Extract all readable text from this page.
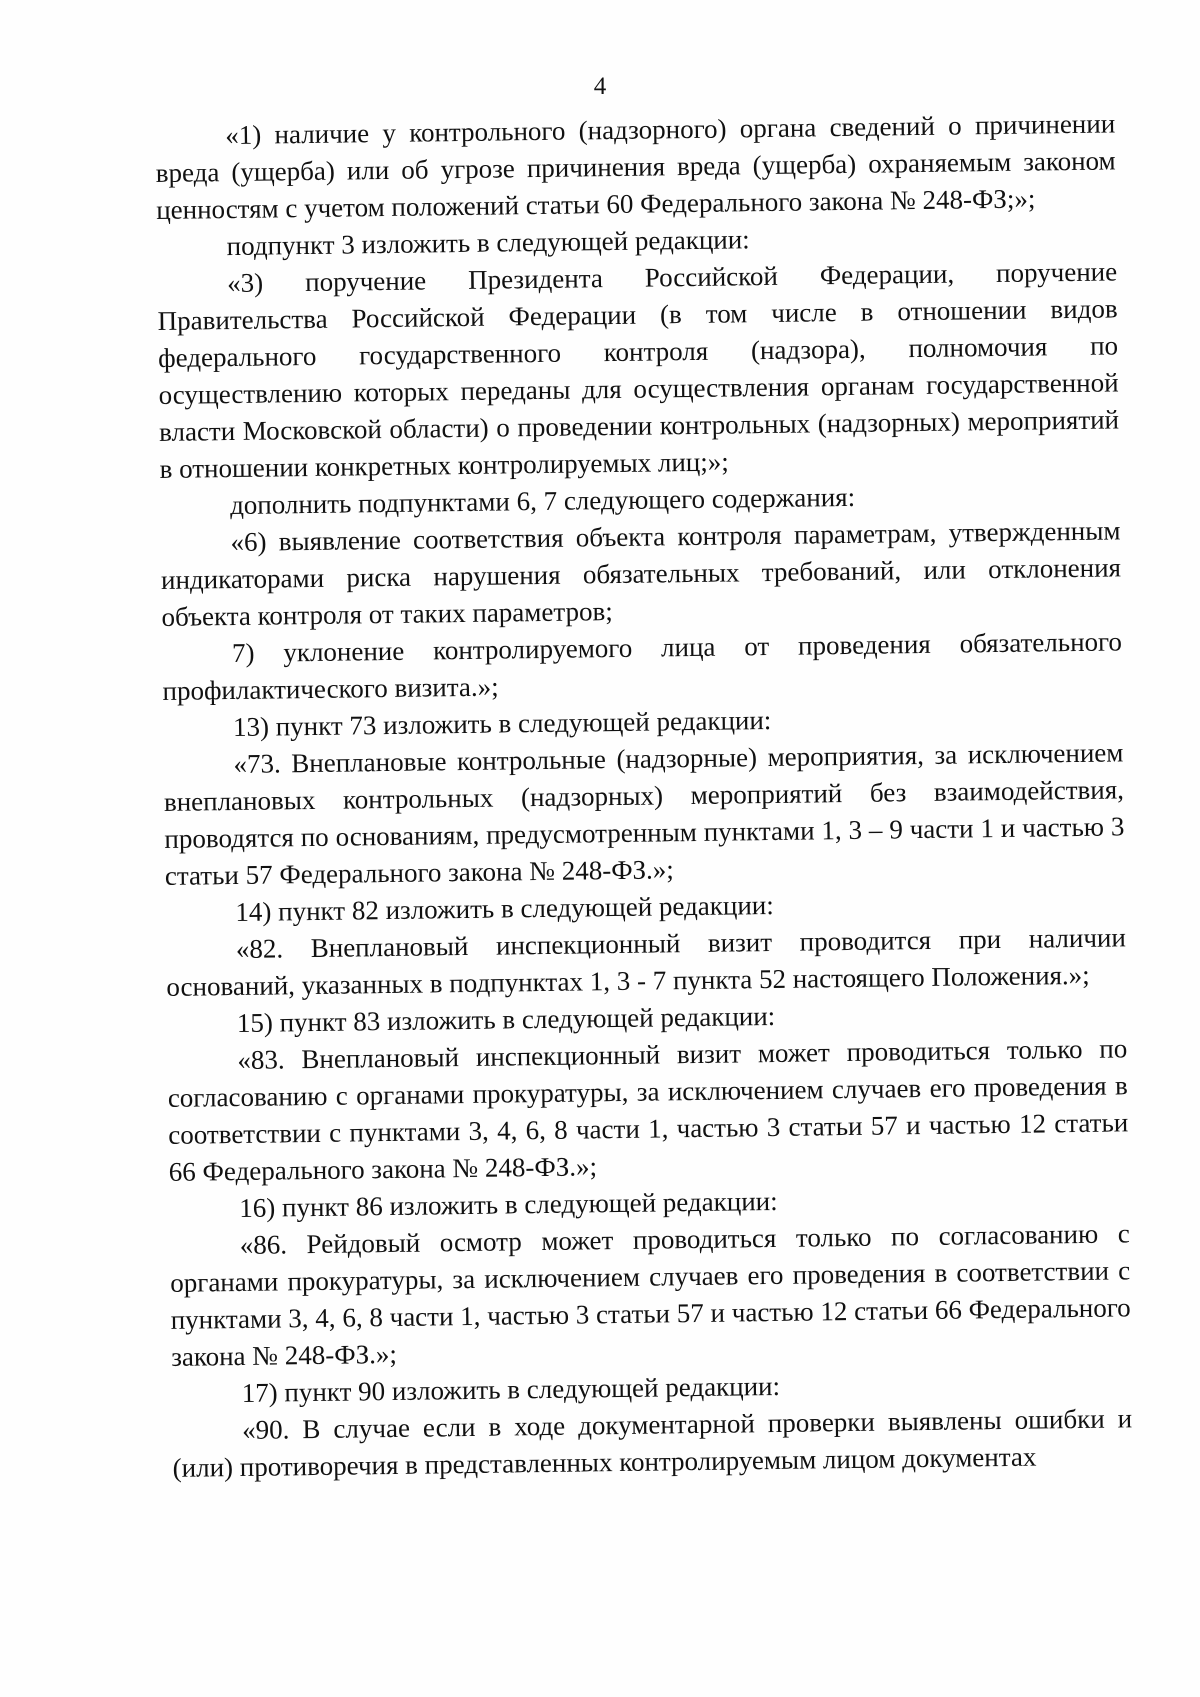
4

«1) наличие у контрольного (надзорного) органа сведений о причинении вреда (ущерба) или об угрозе причинения вреда (ущерба) охраняемым законом ценностям с учетом положений статьи 60 Федерального закона № 248-ФЗ;»;

подпункт 3 изложить в следующей редакции:

«3) поручение Президента Российской Федерации, поручение Правительства Российской Федерации (в том числе в отношении видов федерального государственного контроля (надзора), полномочия по осуществлению которых переданы для осуществления органам государственной власти Московской области) о проведении контрольных (надзорных) мероприятий в отношении конкретных контролируемых лиц;»;

дополнить подпунктами 6, 7 следующего содержания:

«6) выявление соответствия объекта контроля параметрам, утвержденным индикаторами риска нарушения обязательных требований, или отклонения объекта контроля от таких параметров;

7) уклонение контролируемого лица от проведения обязательного профилактического визита.»;

13) пункт 73 изложить в следующей редакции:

«73. Внеплановые контрольные (надзорные) мероприятия, за исключением внеплановых контрольных (надзорных) мероприятий без взаимодействия, проводятся по основаниям, предусмотренным пунктами 1, 3 – 9 части 1 и частью 3 статьи 57 Федерального закона № 248-ФЗ.»;

14) пункт 82 изложить в следующей редакции:

«82. Внеплановый инспекционный визит проводится при наличии оснований, указанных в подпунктах 1, 3 - 7 пункта 52 настоящего Положения.»;

15) пункт 83 изложить в следующей редакции:

«83. Внеплановый инспекционный визит может проводиться только по согласованию с органами прокуратуры, за исключением случаев его проведения в соответствии с пунктами 3, 4, 6, 8 части 1, частью 3 статьи 57 и частью 12 статьи 66 Федерального закона № 248-ФЗ.»;

16) пункт 86 изложить в следующей редакции:

«86. Рейдовый осмотр может проводиться только по согласованию с органами прокуратуры, за исключением случаев его проведения в соответствии с пунктами 3, 4, 6, 8 части 1, частью 3 статьи 57 и частью 12 статьи 66 Федерального закона № 248-ФЗ.»;

17) пункт 90 изложить в следующей редакции:

«90. В случае если в ходе документарной проверки выявлены ошибки и (или) противоречия в представленных контролируемым лицом документах
